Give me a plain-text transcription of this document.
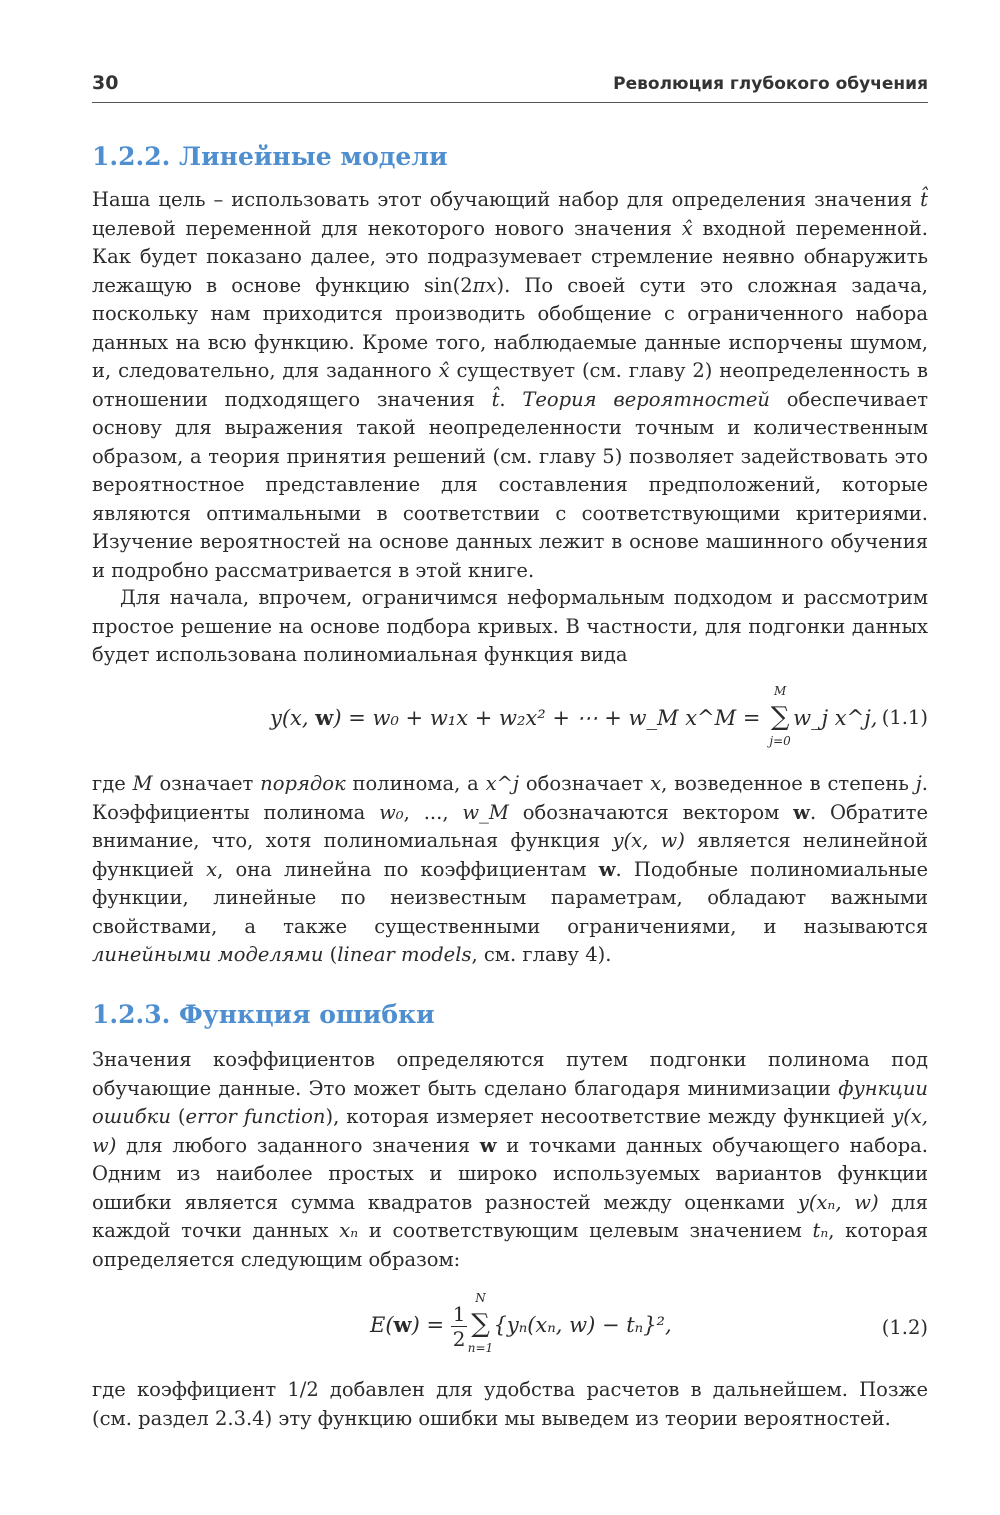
30	Революция глубокого обучения
1.2.2. Линейные модели

Наша цель – использовать этот обучающий набор для определения значения t̂ целевой переменной для некоторого нового значения x̂ входной переменной. Как будет показано далее, это подразумевает стремление неявно обнаружить лежащую в основе функцию sin(2πx). По своей сути это сложная задача, поскольку нам приходится производить обобщение с ограниченного набора данных на всю функцию. Кроме того, наблюдаемые данные испорчены шумом, и, следовательно, для заданного x̂ существует (см. главу 2) неопределенность в отношении подходящего значения t̂. Теория вероятностей обеспечивает основу для выражения такой неопределенности точным и количественным образом, а теория принятия решений (см. главу 5) позволяет задействовать это вероятностное представление для составления предположений, которые являются оптимальными в соответствии с соответствующими критериями. Изучение вероятностей на основе данных лежит в основе машинного обучения и подробно рассматривается в этой книге.

Для начала, впрочем, ограничимся неформальным подходом и рассмотрим простое решение на основе подбора кривых. В частности, для подгонки данных будет использована полиномиальная функция вида

y(x, w) = w₀ + w₁x + w₂x² + ⋯ + w_M x^M = ∑
M
j=0
w_j x^j, (1.1)

где M означает порядок полинома, а x^j обозначает x, возведенное в степень j. Коэффициенты полинома w₀, ..., w_M обозначаются вектором w. Обратите внимание, что, хотя полиномиальная функция y(x, w) является нелинейной функцией x, она линейна по коэффициентам w. Подобные полиномиальные функции, линейные по неизвестным параметрам, обладают важными свойствами, а также существенными ограничениями, и называются линейными моделями (linear models, см. главу 4).

1.2.3. Функция ошибки

Значения коэффициентов определяются путем подгонки полинома под обучающие данные. Это может быть сделано благодаря минимизации функции ошибки (error function), которая измеряет несоответствие между функцией y(x, w) для любого заданного значения w и точками данных обучающего набора. Одним из наиболее простых и широко используемых вариантов функции ошибки является сумма квадратов разностей между оценками y(xₙ, w) для каждой точки данных xₙ и соответствующим целевым значением tₙ, которая определяется следующим образом:

$E(w) = \frac{1}{2}$ ∑
N
n=1
{yₙ(xₙ, w) − tₙ}²,	(1.2)

где коэффициент 1/2 добавлен для удобства расчетов в дальнейшем. Позже (см. раздел 2.3.4) эту функцию ошибки мы выведем из теории вероятностей.
